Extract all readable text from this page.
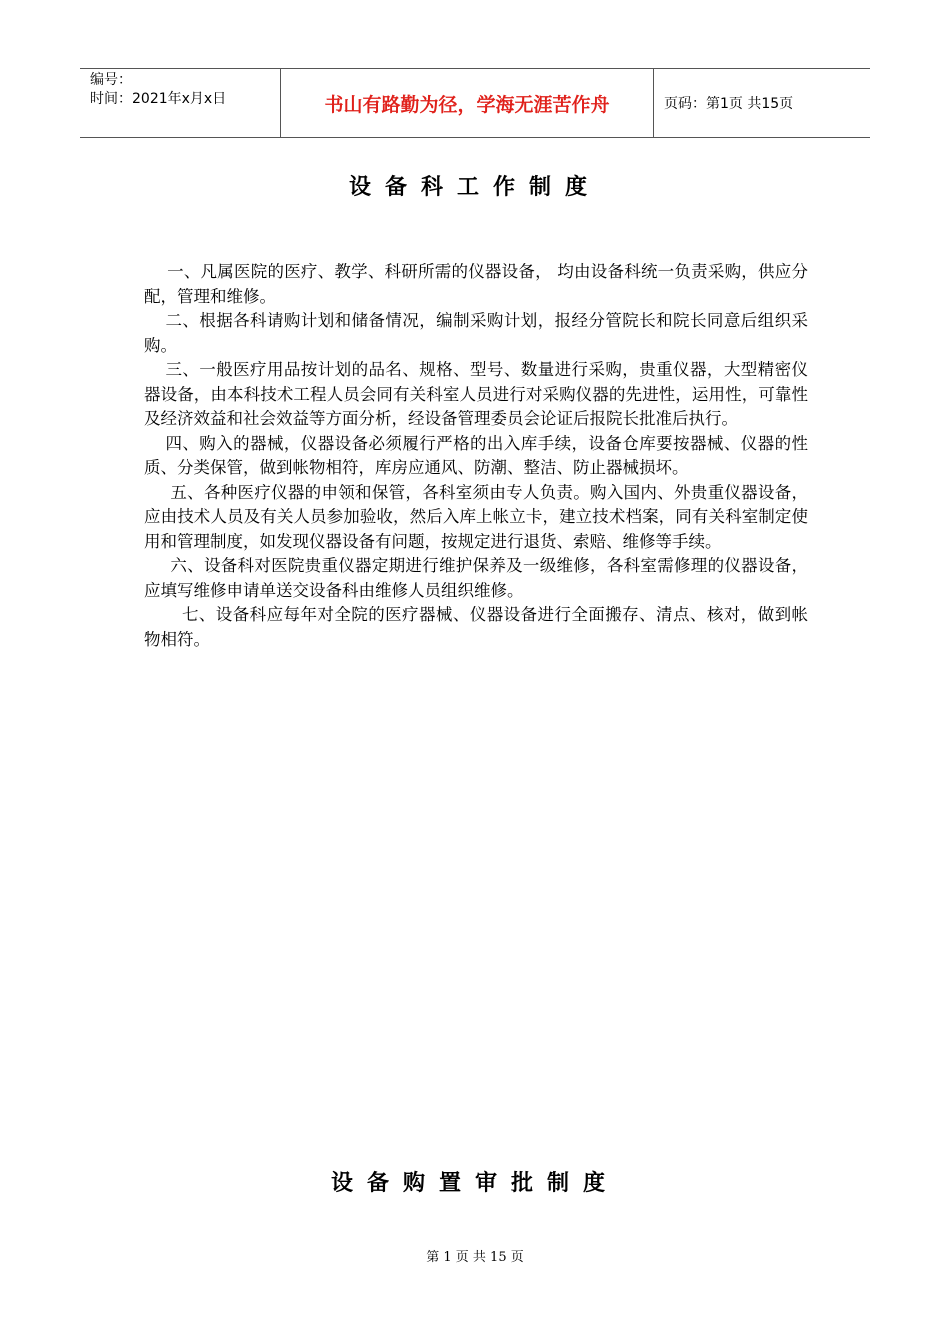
编号：
时间：2021年x月x日	书山有路勤为径，学海无涯苦作舟	页码：第1页 共15页
设备科工作制度

一、凡属医院的医疗、教学、科研所需的仪器设备， 均由设备科统一负责采购，供应分配，管理和维修。

二、根据各科请购计划和储备情况，编制采购计划，报经分管院长和院长同意后组织采购。

三、一般医疗用品按计划的品名、规格、型号、数量进行采购，贵重仪器，大型精密仪器设备，由本科技术工程人员会同有关科室人员进行对采购仪器的先进性，运用性，可靠性及经济效益和社会效益等方面分析，经设备管理委员会论证后报院长批准后执行。

四、购入的器械，仪器设备必须履行严格的出入库手续，设备仓库要按器械、仪器的性质、分类保管，做到帐物相符，库房应通风、防潮、整洁、防止器械损坏。

五、各种医疗仪器的申领和保管，各科室须由专人负责。购入国内、外贵重仪器设备，应由技术人员及有关人员参加验收，然后入库上帐立卡，建立技术档案，同有关科室制定使用和管理制度，如发现仪器设备有问题，按规定进行退货、索赔、维修等手续。

六、设备科对医院贵重仪器定期进行维护保养及一级维修，各科室需修理的仪器设备，应填写维修申请单送交设备科由维修人员组织维修。

七、设备科应每年对全院的医疗器械、仪器设备进行全面搬存、清点、核对，做到帐物相符。

设备购置审批制度
第 1 页 共 15 页
